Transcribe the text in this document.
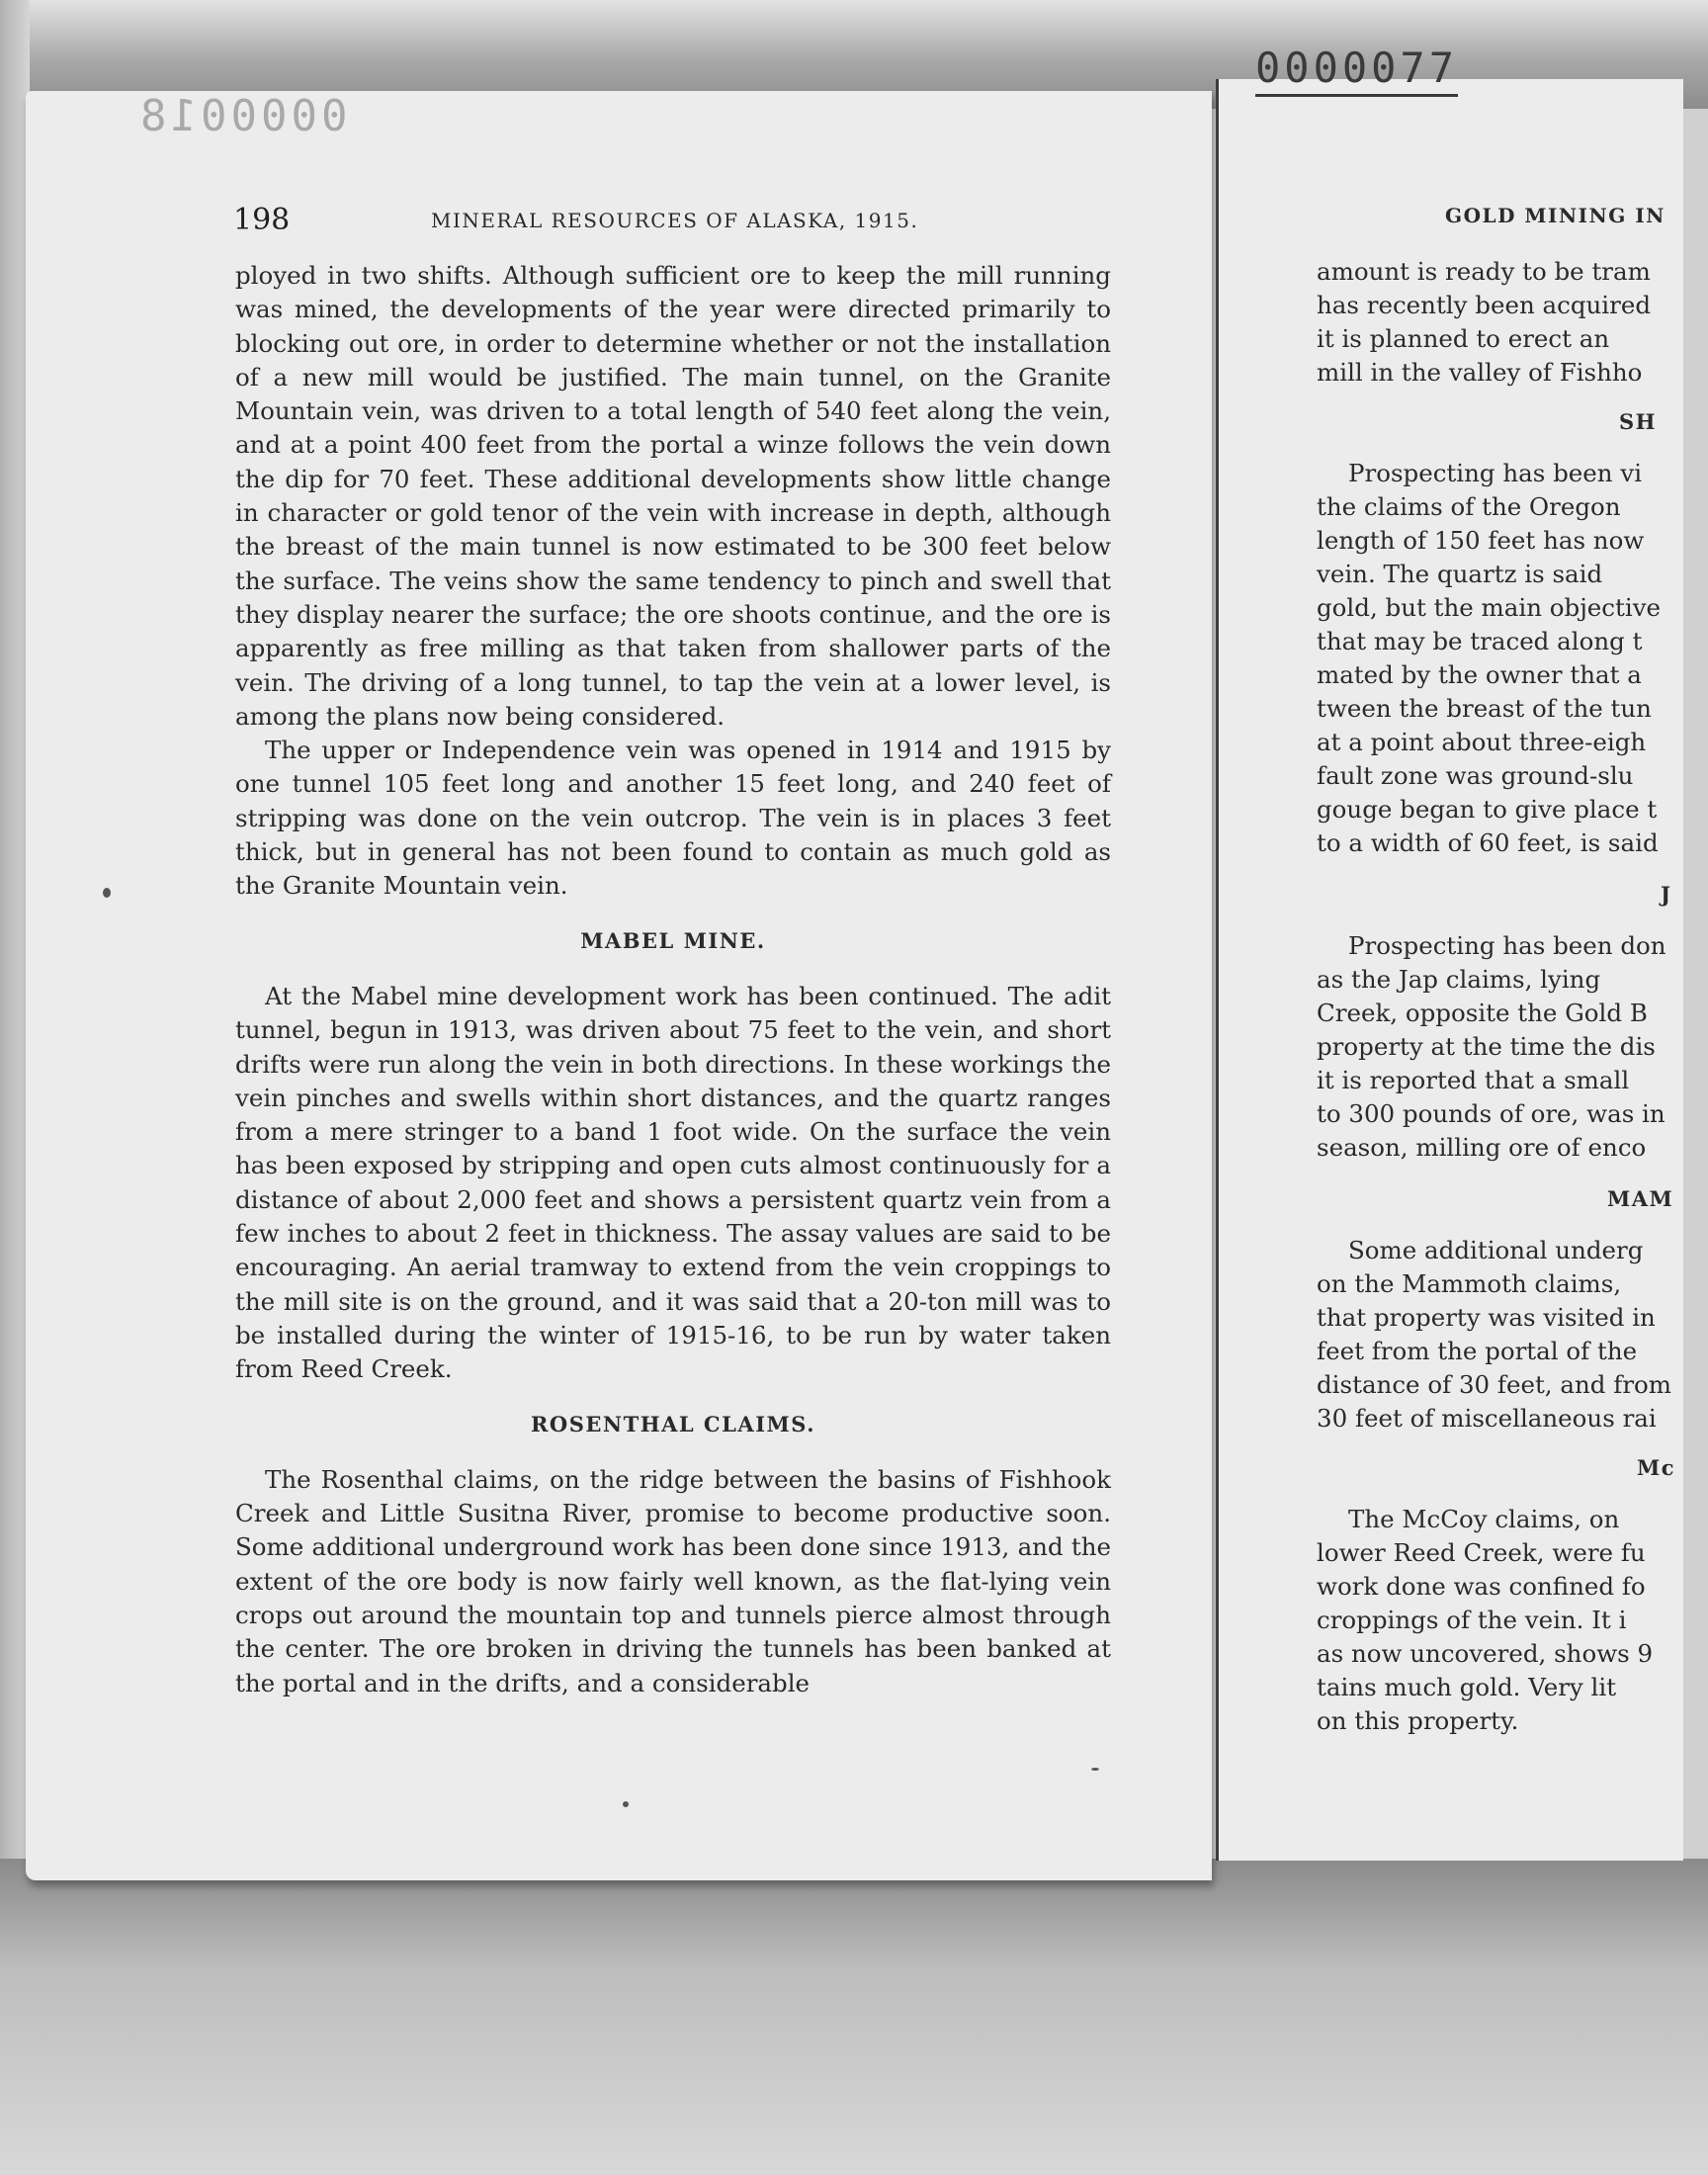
0000018
0000077
198	MINERAL RESOURCES OF ALASKA, 1915.

ployed in two shifts. Although sufficient ore to keep the mill running was mined, the developments of the year were directed primarily to blocking out ore, in order to determine whether or not the installation of a new mill would be justified. The main tunnel, on the Granite Mountain vein, was driven to a total length of 540 feet along the vein, and at a point 400 feet from the portal a winze follows the vein down the dip for 70 feet. These additional developments show little change in character or gold tenor of the vein with increase in depth, although the breast of the main tunnel is now estimated to be 300 feet below the surface. The veins show the same tendency to pinch and swell that they display nearer the surface; the ore shoots continue, and the ore is apparently as free milling as that taken from shallower parts of the vein. The driving of a long tunnel, to tap the vein at a lower level, is among the plans now being considered.

The upper or Independence vein was opened in 1914 and 1915 by one tunnel 105 feet long and another 15 feet long, and 240 feet of stripping was done on the vein outcrop. The vein is in places 3 feet thick, but in general has not been found to contain as much gold as the Granite Mountain vein.

MABEL MINE.

At the Mabel mine development work has been continued. The adit tunnel, begun in 1913, was driven about 75 feet to the vein, and short drifts were run along the vein in both directions. In these workings the vein pinches and swells within short distances, and the quartz ranges from a mere stringer to a band 1 foot wide. On the surface the vein has been exposed by stripping and open cuts almost continuously for a distance of about 2,000 feet and shows a persistent quartz vein from a few inches to about 2 feet in thickness. The assay values are said to be encouraging. An aerial tramway to extend from the vein croppings to the mill site is on the ground, and it was said that a 20-ton mill was to be installed during the winter of 1915-16, to be run by water taken from Reed Creek.

ROSENTHAL CLAIMS.

The Rosenthal claims, on the ridge between the basins of Fishhook Creek and Little Susitna River, promise to become productive soon. Some additional underground work has been done since 1913, and the extent of the ore body is now fairly well known, as the flat-lying vein crops out around the mountain top and tunnels pierce almost through the center. The ore broken in driving the tunnels has been banked at the portal and in the drifts, and a considerable

GOLD MINING IN
amount is ready to be tram
has recently been acquired
it is planned to erect an
mill in the valley of Fishho
SH
Prospecting has been vi
the claims of the Oregon
length of 150 feet has now
vein. The quartz is said
gold, but the main objective
that may be traced along t
mated by the owner that a
tween the breast of the tun
at a point about three-eigh
fault zone was ground-slu
gouge began to give place t
to a width of 60 feet, is said
J
Prospecting has been don
as the Jap claims, lying
Creek, opposite the Gold B
property at the time the dis
it is reported that a small
to 300 pounds of ore, was in
season, milling ore of enco
MAM
Some additional underg
on the Mammoth claims,
that property was visited in
feet from the portal of the
distance of 30 feet, and from
30 feet of miscellaneous rai
Mc
The McCoy claims, on
lower Reed Creek, were fu
work done was confined fo
croppings of the vein. It i
as now uncovered, shows 9
tains much gold. Very lit
on this property.
